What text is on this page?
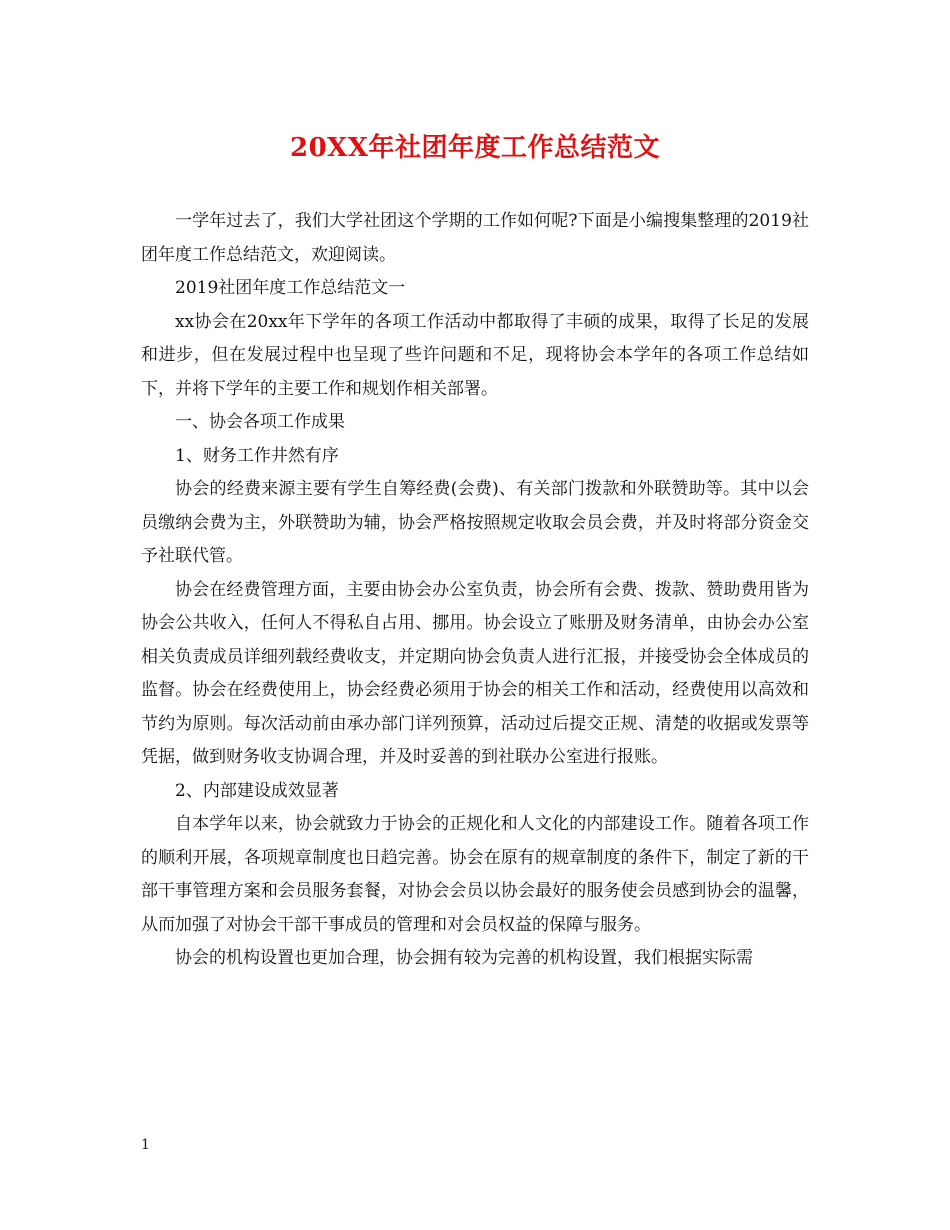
20XX年社团年度工作总结范文

一学年过去了，我们大学社团这个学期的工作如何呢?下面是小编搜集整理的2019社团年度工作总结范文，欢迎阅读。

2019社团年度工作总结范文一

xx协会在20xx年下学年的各项工作活动中都取得了丰硕的成果，取得了长足的发展和进步，但在发展过程中也呈现了些许问题和不足，现将协会本学年的各项工作总结如下，并将下学年的主要工作和规划作相关部署。

一、协会各项工作成果

1、财务工作井然有序

协会的经费来源主要有学生自筹经费(会费)、有关部门拨款和外联赞助等。其中以会员缴纳会费为主，外联赞助为辅，协会严格按照规定收取会员会费，并及时将部分资金交予社联代管。

协会在经费管理方面，主要由协会办公室负责，协会所有会费、拨款、赞助费用皆为协会公共收入，任何人不得私自占用、挪用。协会设立了账册及财务清单，由协会办公室相关负责成员详细列载经费收支，并定期向协会负责人进行汇报，并接受协会全体成员的监督。协会在经费使用上，协会经费必须用于协会的相关工作和活动，经费使用以高效和节约为原则。每次活动前由承办部门详列预算，活动过后提交正规、清楚的收据或发票等凭据，做到财务收支协调合理，并及时妥善的到社联办公室进行报账。

2、内部建设成效显著

自本学年以来，协会就致力于协会的正规化和人文化的内部建设工作。随着各项工作的顺利开展，各项规章制度也日趋完善。协会在原有的规章制度的条件下，制定了新的干部干事管理方案和会员服务套餐，对协会会员以协会最好的服务使会员感到协会的温馨，从而加强了对协会干部干事成员的管理和对会员权益的保障与服务。

协会的机构设置也更加合理，协会拥有较为完善的机构设置，我们根据实际需

1
